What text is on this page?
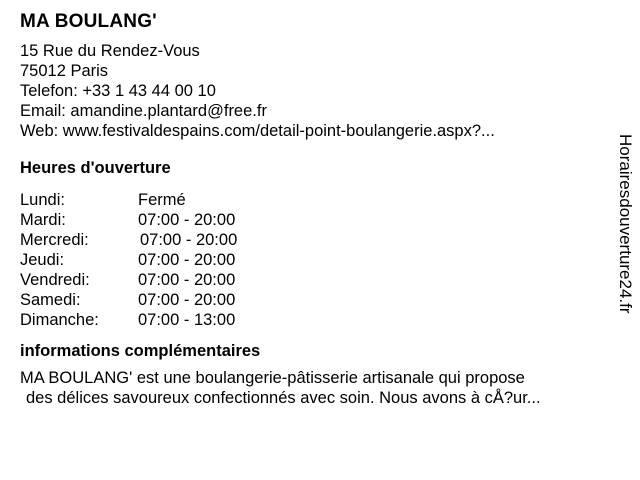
MA BOULANG'
15 Rue du Rendez-Vous
75012 Paris
Telefon: +33 1 43 44 00 10
Email: amandine.plantard@free.fr
Web: www.festivaldespains.com/detail-point-boulangerie.aspx?...
Heures d'ouverture
Lundi:	Fermé
Mardi:	07:00 - 20:00
Mercredi:	07:00 - 20:00
Jeudi:	07:00 - 20:00
Vendredi:	07:00 - 20:00
Samedi:	07:00 - 20:00
Dimanche:	07:00 - 13:00
informations complémentaires
MA BOULANG' est une boulangerie-pâtisserie artisanale qui propose
des délices savoureux confectionnés avec soin. Nous avons à cÅ?ur...
Horairesdouverture24.fr
